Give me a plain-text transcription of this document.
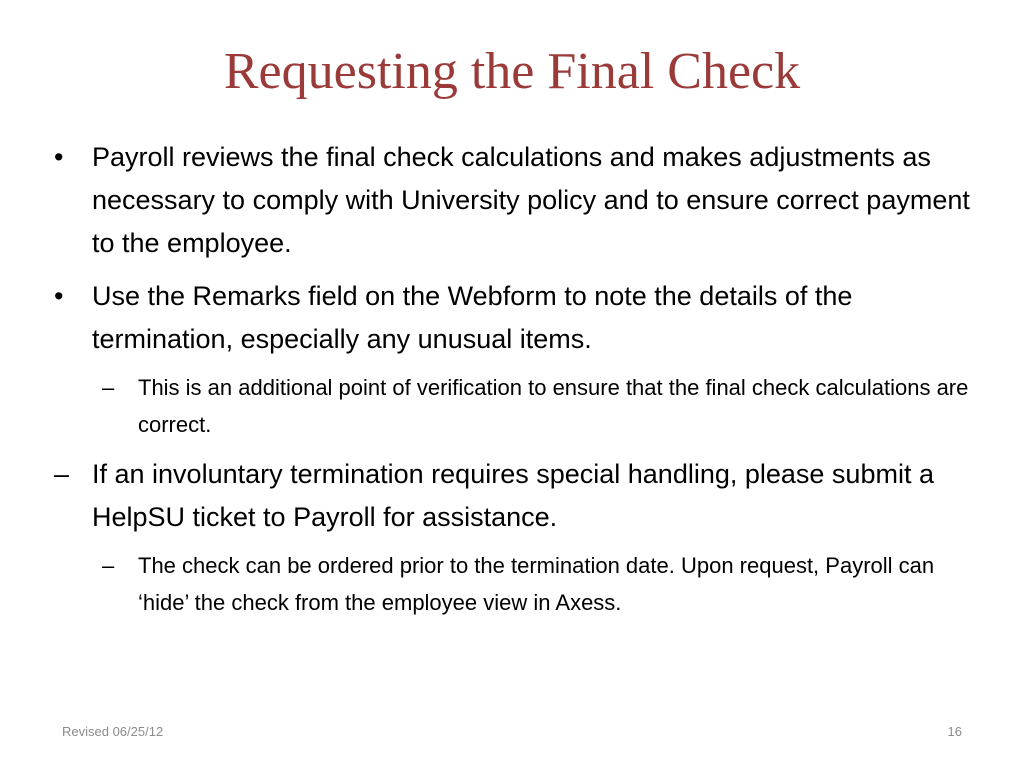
Requesting the Final Check
• Payroll reviews the final check calculations and makes adjustments as necessary to comply with University policy and to ensure correct payment to the employee.
• Use the Remarks field on the Webform to note the details of the termination, especially any unusual items.
– This is an additional point of verification to ensure that the final check calculations are correct.
– If an involuntary termination requires special handling, please submit a HelpSU ticket to Payroll for assistance.
– The check can be ordered prior to the termination date. Upon request, Payroll can ‘hide’ the check from the employee view in Axess.
Revised 06/25/12	16
